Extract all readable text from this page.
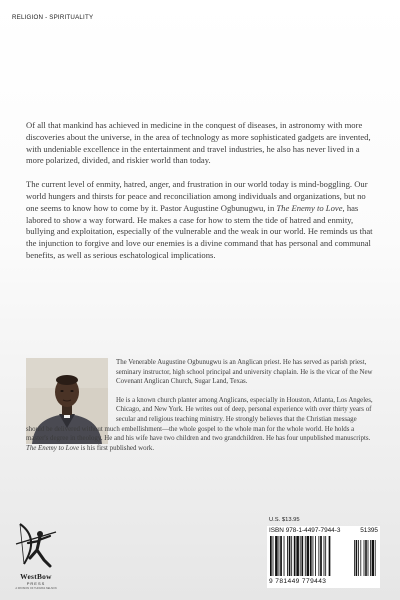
RELIGION - SPIRITUALITY

Of all that mankind has achieved in medicine in the conquest of diseases, in astronomy with more discoveries about the universe, in the area of technology as more sophisticated gadgets are invented, with undeniable excellence in the entertainment and travel industries, he also has never lived in a more polarized, divided, and riskier world than today.

The current level of enmity, hatred, anger, and frustration in our world today is mind-boggling. Our world hungers and thirsts for peace and reconciliation among individuals and organizations, but no one seems to know how to come by it. Pastor Augustine Ogbunugwu, in The Enemy to Love, has labored to show a way forward. He makes a case for how to stem the tide of hatred and enmity, bullying and exploitation, especially of the vulnerable and the weak in our world. He reminds us that the injunction to forgive and love our enemies is a divine command that has personal and communal benefits, as well as serious eschatological implications.

The Venerable Augustine Ogbunugwu is an Anglican priest. He has served as parish priest, seminary instructor, high school principal and university chaplain. He is the vicar of the New Covenant Anglican Church, Sugar Land, Texas.

He is a known church planter among Anglicans, especially in Houston, Atlanta, Los Angeles, Chicago, and New York. He writes out of deep, personal experience with over thirty years of secular and religious teaching ministry. He strongly believes that the Christian message

should be delivered without much embellishment—the whole gospel to the whole man for the whole world. He holds a master's degree in theology. He and his wife have two children and two grandchildren. He has four unpublished manuscripts. The Enemy to Love is his first published work.

WestBow
PRESS
A DIVISION OF THOMAS NELSON
U.S. $13.95
ISBN 978-1-4497-7944-3	51395
9 781449 779443
